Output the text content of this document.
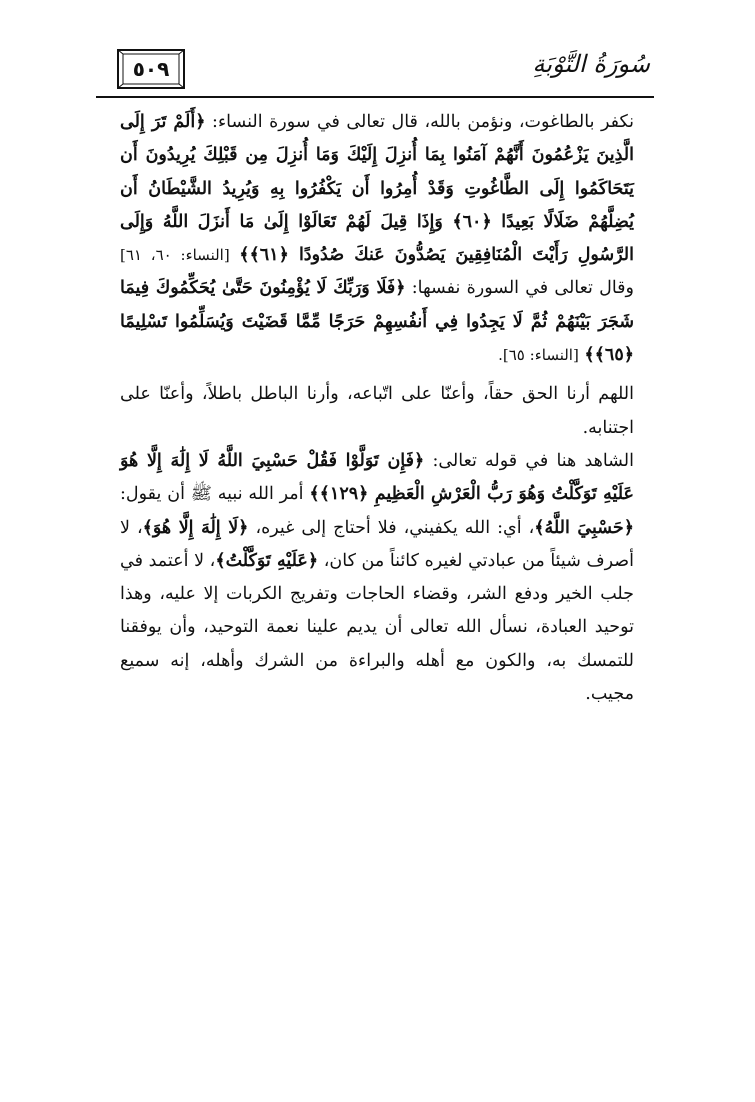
٥٠٩	سُورَةُ التَّوْبَةِ

نكفر بالطاغوت، ونؤمن بالله، قال تعالى في سورة النساء: ﴿أَلَمْ تَرَ إِلَى الَّذِينَ يَزْعُمُونَ أَنَّهُمْ آمَنُوا بِمَا أُنزِلَ إِلَيْكَ وَمَا أُنزِلَ مِن قَبْلِكَ يُرِيدُونَ أَن يَتَحَاكَمُوا إِلَى الطَّاغُوتِ وَقَدْ أُمِرُوا أَن يَكْفُرُوا بِهِ وَيُرِيدُ الشَّيْطَانُ أَن يُضِلَّهُمْ ضَلَالًا بَعِيدًا ﴿٦٠﴾ وَإِذَا قِيلَ لَهُمْ تَعَالَوْا إِلَىٰ مَا أَنزَلَ اللَّهُ وَإِلَى الرَّسُولِ رَأَيْتَ الْمُنَافِقِينَ يَصُدُّونَ عَنكَ صُدُودًا ﴿٦١﴾﴾ [النساء: ٦٠، ٦١] وقال تعالى في السورة نفسها: ﴿فَلَا وَرَبِّكَ لَا يُؤْمِنُونَ حَتَّىٰ يُحَكِّمُوكَ فِيمَا شَجَرَ بَيْنَهُمْ ثُمَّ لَا يَجِدُوا فِي أَنفُسِهِمْ حَرَجًا مِّمَّا قَضَيْتَ وَيُسَلِّمُوا تَسْلِيمًا ﴿٦٥﴾﴾ [النساء: ٦٥].

اللهم أرنا الحق حقاً، وأعنّا على اتّباعه، وأرنا الباطل باطلاً، وأعنّا على اجتنابه.

الشاهد هنا في قوله تعالى: ﴿فَإِن تَوَلَّوْا فَقُلْ حَسْبِيَ اللَّهُ لَا إِلَٰهَ إِلَّا هُوَ عَلَيْهِ تَوَكَّلْتُ وَهُوَ رَبُّ الْعَرْشِ الْعَظِيمِ ﴿١٢٩﴾﴾ أمر الله نبيه ﷺ أن يقول: ﴿حَسْبِيَ اللَّهُ﴾، أي: الله يكفيني، فلا أحتاج إلى غيره، ﴿لَا إِلَٰهَ إِلَّا هُوَ﴾، لا أصرف شيئاً من عبادتي لغيره كائناً من كان، ﴿عَلَيْهِ تَوَكَّلْتُ﴾، لا أعتمد في جلب الخير ودفع الشر، وقضاء الحاجات وتفريج الكربات إلا عليه، وهذا توحيد العبادة، نسأل الله تعالى أن يديم علينا نعمة التوحيد، وأن يوفقنا للتمسك به، والكون مع أهله والبراءة من الشرك وأهله، إنه سميع مجيب.
